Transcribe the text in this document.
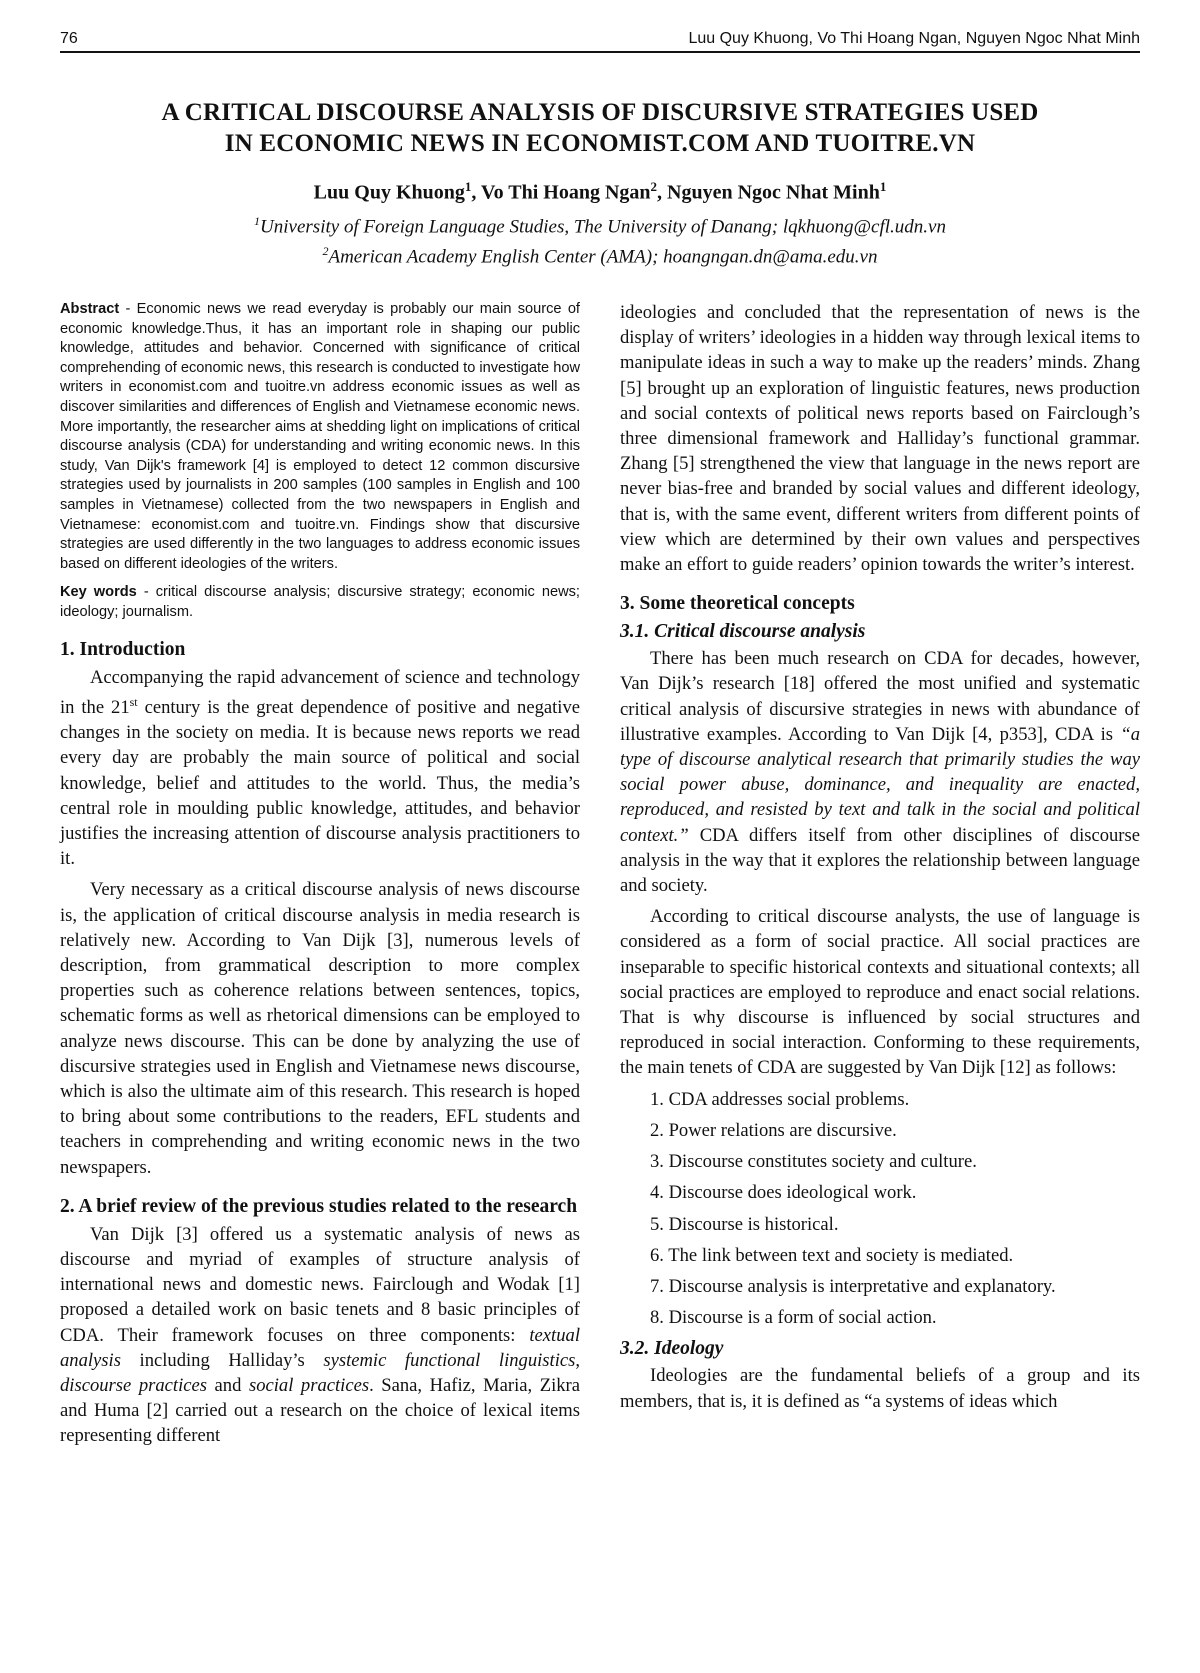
76	Luu Quy Khuong, Vo Thi Hoang Ngan, Nguyen Ngoc Nhat Minh
A CRITICAL DISCOURSE ANALYSIS OF DISCURSIVE STRATEGIES USED
IN ECONOMIC NEWS IN ECONOMIST.COM AND TUOITRE.VN
Luu Quy Khuong$^1$, Vo Thi Hoang Ngan$^2$, Nguyen Ngoc Nhat Minh$^1$
$^1$University of Foreign Language Studies, The University of Danang; lqkhuong@cfl.udn.vn
$^2$American Academy English Center (AMA); hoangngan.dn@ama.edu.vn

Abstract - Economic news we read everyday is probably our main source of economic knowledge.Thus, it has an important role in shaping our public knowledge, attitudes and behavior. Concerned with significance of critical comprehending of economic news, this research is conducted to investigate how writers in economist.com and tuoitre.vn address economic issues as well as discover similarities and differences of English and Vietnamese economic news. More importantly, the researcher aims at shedding light on implications of critical discourse analysis (CDA) for understanding and writing economic news. In this study, Van Dijk's framework [4] is employed to detect 12 common discursive strategies used by journalists in 200 samples (100 samples in English and 100 samples in Vietnamese) collected from the two newspapers in English and Vietnamese: economist.com and tuoitre.vn. Findings show that discursive strategies are used differently in the two languages to address economic issues based on different ideologies of the writers.

Key words - critical discourse analysis; discursive strategy; economic news; ideology; journalism.

1. Introduction

Accompanying the rapid advancement of science and technology in the 21st century is the great dependence of positive and negative changes in the society on media. It is because news reports we read every day are probably the main source of political and social knowledge, belief and attitudes to the world. Thus, the media’s central role in moulding public knowledge, attitudes, and behavior justifies the increasing attention of discourse analysis practitioners to it.

Very necessary as a critical discourse analysis of news discourse is, the application of critical discourse analysis in media research is relatively new. According to Van Dijk [3], numerous levels of description, from grammatical description to more complex properties such as coherence relations between sentences, topics, schematic forms as well as rhetorical dimensions can be employed to analyze news discourse. This can be done by analyzing the use of discursive strategies used in English and Vietnamese news discourse, which is also the ultimate aim of this research. This research is hoped to bring about some contributions to the readers, EFL students and teachers in comprehending and writing economic news in the two newspapers.

2. A brief review of the previous studies related to the research

Van Dijk [3] offered us a systematic analysis of news as discourse and myriad of examples of structure analysis of international news and domestic news. Fairclough and Wodak [1] proposed a detailed work on basic tenets and 8 basic principles of CDA. Their framework focuses on three components: textual analysis including Halliday’s systemic functional linguistics, discourse practices and social practices. Sana, Hafiz, Maria, Zikra and Huma [2] carried out a research on the choice of lexical items representing different

ideologies and concluded that the representation of news is the display of writers’ ideologies in a hidden way through lexical items to manipulate ideas in such a way to make up the readers’ minds. Zhang [5] brought up an exploration of linguistic features, news production and social contexts of political news reports based on Fairclough’s three dimensional framework and Halliday’s functional grammar. Zhang [5] strengthened the view that language in the news report are never bias-free and branded by social values and different ideology, that is, with the same event, different writers from different points of view which are determined by their own values and perspectives make an effort to guide readers’ opinion towards the writer’s interest.

3. Some theoretical concepts
3.1. Critical discourse analysis

There has been much research on CDA for decades, however, Van Dijk’s research [18] offered the most unified and systematic critical analysis of discursive strategies in news with abundance of illustrative examples. According to Van Dijk [4, p353], CDA is “a type of discourse analytical research that primarily studies the way social power abuse, dominance, and inequality are enacted, reproduced, and resisted by text and talk in the social and political context.” CDA differs itself from other disciplines of discourse analysis in the way that it explores the relationship between language and society.

According to critical discourse analysts, the use of language is considered as a form of social practice. All social practices are inseparable to specific historical contexts and situational contexts; all social practices are employed to reproduce and enact social relations. That is why discourse is influenced by social structures and reproduced in social interaction. Conforming to these requirements, the main tenets of CDA are suggested by Van Dijk [12] as follows:

1. CDA addresses social problems.
2. Power relations are discursive.
3. Discourse constitutes society and culture.
4. Discourse does ideological work.
5. Discourse is historical.
6. The link between text and society is mediated.
7. Discourse analysis is interpretative and explanatory.
8. Discourse is a form of social action.
3.2. Ideology

Ideologies are the fundamental beliefs of a group and its members, that is, it is defined as “a systems of ideas which
